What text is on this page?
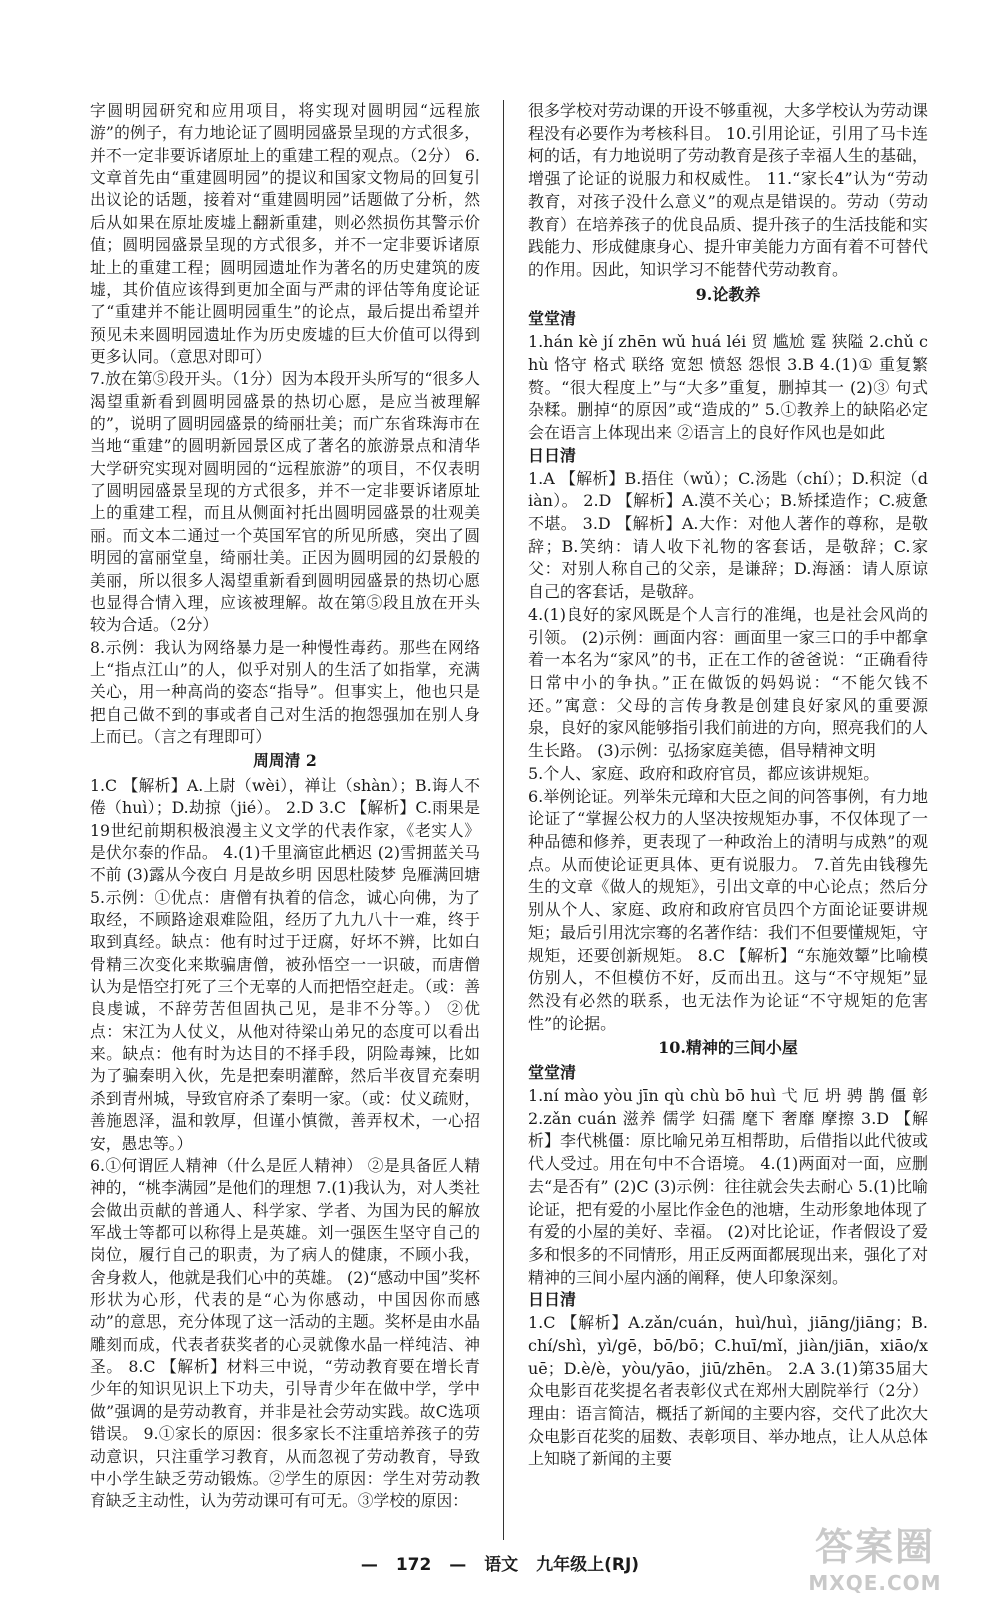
字圆明园研究和应用项目，将实现对圆明园“远程旅游”的例子，有力地论证了圆明园盛景呈现的方式很多，并不一定非要诉诸原址上的重建工程的观点。（2分） 6.文章首先由“重建圆明园”的提议和国家文物局的回复引出议论的话题，接着对“重建圆明园”话题做了分析，然后从如果在原址废墟上翻新重建，则必然损伤其警示价值；圆明园盛景呈现的方式很多，并不一定非要诉诸原址上的重建工程；圆明园遗址作为著名的历史建筑的废墟，其价值应该得到更加全面与严肃的评估等角度论证了“重建并不能让圆明园重生”的论点，最后提出希望并预见未来圆明园遗址作为历史废墟的巨大价值可以得到更多认同。（意思对即可）

7.放在第⑤段开头。（1分）因为本段开头所写的“很多人渴望重新看到圆明园盛景的热切心愿，是应当被理解的”，说明了圆明园盛景的绮丽壮美；而广东省珠海市在当地“重建”的圆明新园景区成了著名的旅游景点和清华大学研究实现对圆明园的“远程旅游”的项目，不仅表明了圆明园盛景呈现的方式很多，并不一定非要诉诸原址上的重建工程，而且从侧面衬托出圆明园盛景的壮观美丽。而文本二通过一个英国军官的所见所感，突出了圆明园的富丽堂皇，绮丽壮美。正因为圆明园的幻景般的美丽，所以很多人渴望重新看到圆明园盛景的热切心愿也显得合情入理，应该被理解。故在第⑤段且放在开头较为合适。（2分）

8.示例：我认为网络暴力是一种慢性毒药。那些在网络上“指点江山”的人，似乎对别人的生活了如指掌，充满关心，用一种高尚的姿态“指导”。但事实上，他也只是把自己做不到的事或者自己对生活的抱怨强加在别人身上而已。（言之有理即可）

周周清 2

1.C 【解析】A.上尉（wèi），禅让（shàn）；B.诲人不倦（huì）；D.劫掠（jié）。 2.D 3.C 【解析】C.雨果是19世纪前期积极浪漫主义文学的代表作家，《老实人》是伏尔泰的作品。 4.(1)千里滴宦此栖迟 (2)雪拥蓝关马不前 (3)露从今夜白 月是故乡明 因思杜陵梦 凫雁满回塘 5.示例：①优点：唐僧有执着的信念，诚心向佛，为了取经，不顾路途艰难险阻，经历了九九八十一难，终于取到真经。缺点：他有时过于迂腐，好坏不辨，比如白骨精三次变化来欺骗唐僧，被孙悟空一一识破，而唐僧认为是悟空打死了三个无辜的人而把悟空赶走。（或：善良虔诚，不辞劳苦但固执己见，是非不分等。） ②优点：宋江为人仗义，从他对待梁山弟兄的态度可以看出来。缺点：他有时为达目的不择手段，阴险毒辣，比如为了骗秦明入伙，先是把秦明灌醉，然后半夜冒充秦明杀到青州城，导致官府杀了秦明一家。（或：仗义疏财，善施恩泽，温和敦厚，但谨小慎微，善弄权术，一心招安，愚忠等。）

6.①何谓匠人精神（什么是匠人精神） ②是具备匠人精神的，“桃李满园”是他们的理想 7.(1)我认为，对人类社会做出贡献的普通人、科学家、学者、为国为民的解放军战士等都可以称得上是英雄。刘一强医生坚守自己的岗位，履行自己的职责，为了病人的健康，不顾小我，舍身救人，他就是我们心中的英雄。 (2)“感动中国”奖杯形状为心形，代表的是“心为你感动，中国因你而感动”的意思，充分体现了这一活动的主题。奖杯是由水晶雕刻而成，代表者获奖者的心灵就像水晶一样纯洁、神圣。 8.C 【解析】材料三中说，“劳动教育要在增长青少年的知识见识上下功夫，引导青少年在做中学，学中做”强调的是劳动教育，并非是社会劳动实践。故C选项错误。 9.①家长的原因：很多家长不注重培养孩子的劳动意识，只注重学习教育，从而忽视了劳动教育，导致中小学生缺乏劳动锻炼。②学生的原因：学生对劳动教育缺乏主动性，认为劳动课可有可无。③学校的原因：

很多学校对劳动课的开设不够重视，大多学校认为劳动课程没有必要作为考核科目。 10.引用论证，引用了马卡连柯的话，有力地说明了劳动教育是孩子幸福人生的基础，增强了论证的说服力和权威性。 11.“家长4”认为“劳动教育，对孩子没什么意义”的观点是错误的。劳动（劳动教育）在培养孩子的优良品质、提升孩子的生活技能和实践能力、形成健康身心、提升审美能力方面有着不可替代的作用。因此，知识学习不能替代劳动教育。

9.论教养

堂堂清

1.hán kè jí zhēn wǔ huá léi 贸 尴尬 霆 狭隘 2.chǔ chù 恪守 格式 联络 宽恕 愤怒 怨恨 3.B 4.(1)① 重复繁赘。“很大程度上”与“大多”重复，删掉其一 (2)③ 句式杂糅。删掉“的原因”或“造成的” 5.①教养上的缺陷必定会在语言上体现出来 ②语言上的良好作风也是如此

日日清

1.A 【解析】B.捂住（wǔ）；C.汤匙（chí）；D.积淀（diàn）。 2.D 【解析】A.漠不关心；B.矫揉造作；C.疲惫不堪。 3.D 【解析】A.大作：对他人著作的尊称，是敬辞；B.笑纳：请人收下礼物的客套话，是敬辞；C.家父：对别人称自己的父亲，是谦辞；D.海涵：请人原谅自己的客套话，是敬辞。

4.(1)良好的家风既是个人言行的准绳，也是社会风尚的引领。 (2)示例：画面内容：画面里一家三口的手中都拿着一本名为“家风”的书，正在工作的爸爸说：“正确看待日常中小的争执。”正在做饭的妈妈说：“不能欠钱不还。”寓意：父母的言传身教是创建良好家风的重要源泉，良好的家风能够指引我们前进的方向，照亮我们的人生长路。 (3)示例：弘扬家庭美德，倡导精神文明

5.个人、家庭、政府和政府官员，都应该讲规矩。

6.举例论证。列举朱元璋和大臣之间的问答事例，有力地论证了“掌握公权力的人坚决按规矩办事，不仅体现了一种品德和修养，更表现了一种政治上的清明与成熟”的观点。从而使论证更具体、更有说服力。 7.首先由钱穆先生的文章《做人的规矩》，引出文章的中心论点；然后分别从个人、家庭、政府和政府官员四个方面论证要讲规矩；最后引用沈宗骞的名著作结：我们不但要懂规矩，守规矩，还要创新规矩。 8.C 【解析】“东施效颦”比喻模仿别人，不但模仿不好，反而出丑。这与“不守规矩”显然没有必然的联系，也无法作为论证“不守规矩的危害性”的论据。

10.精神的三间小屋

堂堂清

1.ní mào yòu jīn qù chù bō huì 弋 厄 坍 骋 鹊 僵 彰 2.zǎn cuán 滋养 儒学 妇孺 麾下 奢靡 摩擦 3.D 【解析】李代桃僵：原比喻兄弟互相帮助，后借指以此代彼或代人受过。用在句中不合语境。 4.(1)两面对一面，应删去“是否有” (2)C (3)示例：往往就会失去耐心 5.(1)比喻论证，把有爱的小屋比作金色的池塘，生动形象地体现了有爱的小屋的美好、幸福。 (2)对比论证，作者假设了爱多和恨多的不同情形，用正反两面都展现出来，强化了对精神的三间小屋内涵的阐释，使人印象深刻。

日日清

1.C 【解析】A.zǎn/cuán，huì/huì，jiāng/jiāng；B.chí/shì，yì/gē，bō/bō；C.huī/mǐ，jiàn/jiān，xiāo/xuē；D.è/è，yòu/yāo，jiū/zhēn。 2.A 3.(1)第35届大众电影百花奖提名者表彰仪式在郑州大剧院举行（2分） 理由：语言简洁，概括了新闻的主要内容，交代了此次大众电影百花奖的届数、表彰项目、举办地点，让人从总体上知晓了新闻的主要

— 172 — 语文 九年级上(RJ)	答案圈
MXQE.COM
